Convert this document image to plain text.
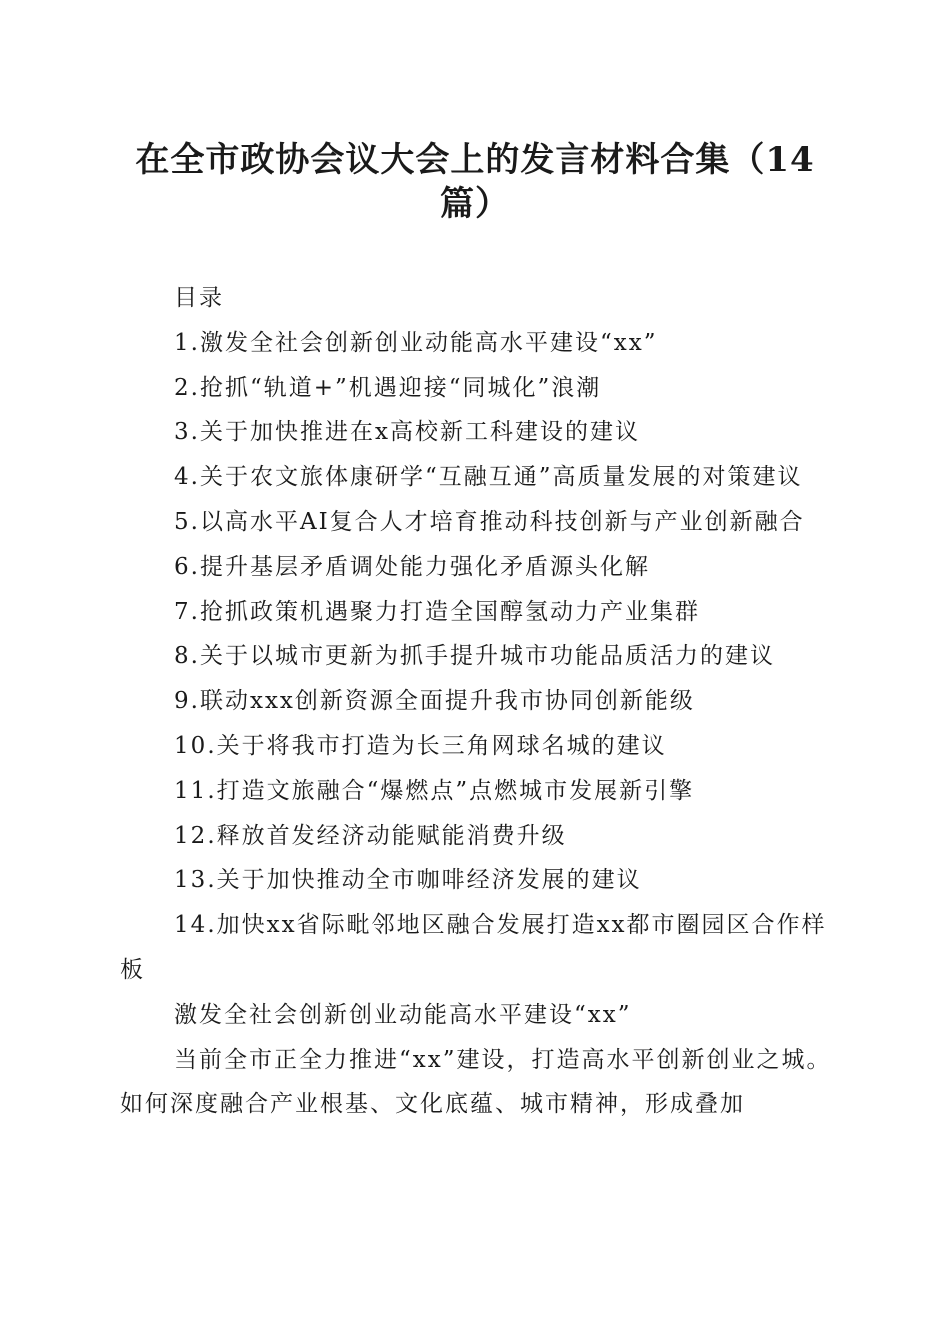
在全市政协会议大会上的发言材料合集（14篇）

目录

1.激发全社会创新创业动能高水平建设“xx”

2.抢抓“轨道+”机遇迎接“同城化”浪潮

3.关于加快推进在x高校新工科建设的建议

4.关于农文旅体康研学“互融互通”高质量发展的对策建议

5.以高水平AI复合人才培育推动科技创新与产业创新融合

6.提升基层矛盾调处能力强化矛盾源头化解

7.抢抓政策机遇聚力打造全国醇氢动力产业集群

8.关于以城市更新为抓手提升城市功能品质活力的建议

9.联动xxx创新资源全面提升我市协同创新能级

10.关于将我市打造为长三角网球名城的建议

11.打造文旅融合“爆燃点”点燃城市发展新引擎

12.释放首发经济动能赋能消费升级

13.关于加快推动全市咖啡经济发展的建议

14.加快xx省际毗邻地区融合发展打造xx都市圈园区合作样板

激发全社会创新创业动能高水平建设“xx”

当前全市正全力推进“xx”建设，打造高水平创新创业之城。如何深度融合产业根基、文化底蕴、城市精神，形成叠加
